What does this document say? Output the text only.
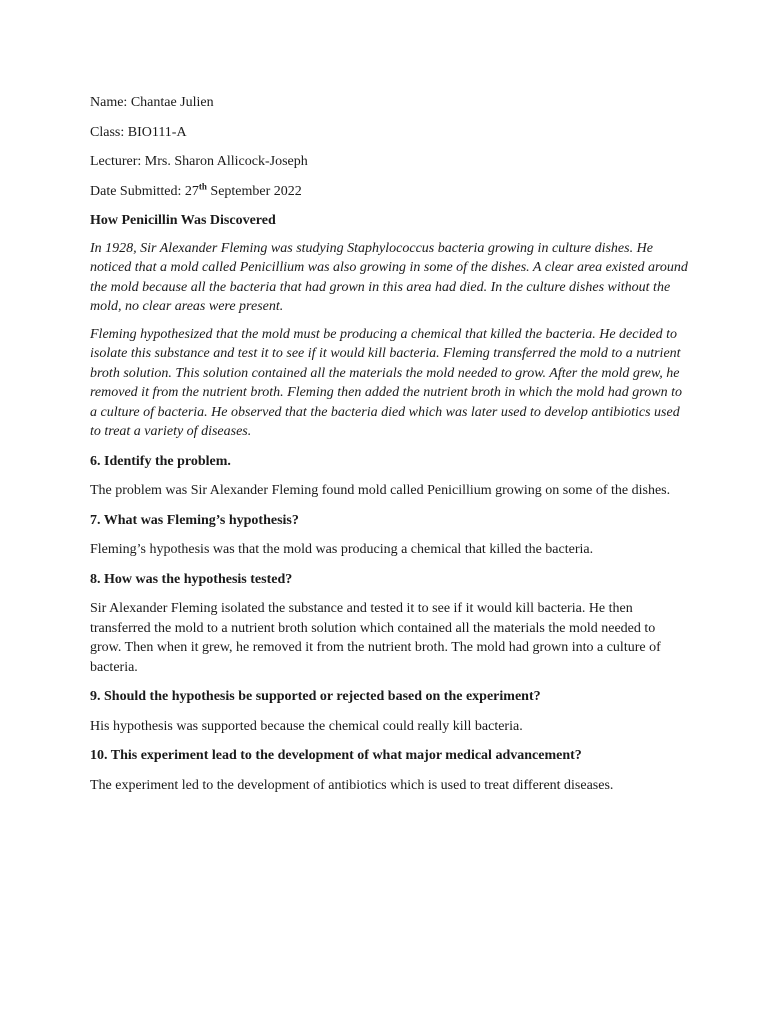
Name: Chantae Julien

Class: BIO111-A

Lecturer: Mrs. Sharon Allicock-Joseph

Date Submitted: 27th September 2022

How Penicillin Was Discovered

In 1928, Sir Alexander Fleming was studying Staphylococcus bacteria growing in culture dishes. He noticed that a mold called Penicillium was also growing in some of the dishes. A clear area existed around the mold because all the bacteria that had grown in this area had died. In the culture dishes without the mold, no clear areas were present.

Fleming hypothesized that the mold must be producing a chemical that killed the bacteria. He decided to isolate this substance and test it to see if it would kill bacteria. Fleming transferred the mold to a nutrient broth solution. This solution contained all the materials the mold needed to grow. After the mold grew, he removed it from the nutrient broth. Fleming then added the nutrient broth in which the mold had grown to a culture of bacteria. He observed that the bacteria died which was later used to develop antibiotics used to treat a variety of diseases.

6. Identify the problem.

The problem was Sir Alexander Fleming found mold called Penicillium growing on some of the dishes.

7. What was Fleming’s hypothesis?

Fleming’s hypothesis was that the mold was producing a chemical that killed the bacteria.

8. How was the hypothesis tested?

Sir Alexander Fleming isolated the substance and tested it to see if it would kill bacteria. He then transferred the mold to a nutrient broth solution which contained all the materials the mold needed to grow. Then when it grew, he removed it from the nutrient broth. The mold had grown into a culture of bacteria.

9. Should the hypothesis be supported or rejected based on the experiment?

His hypothesis was supported because the chemical could really kill bacteria.

10. This experiment lead to the development of what major medical advancement?

The experiment led to the development of antibiotics which is used to treat different diseases.
